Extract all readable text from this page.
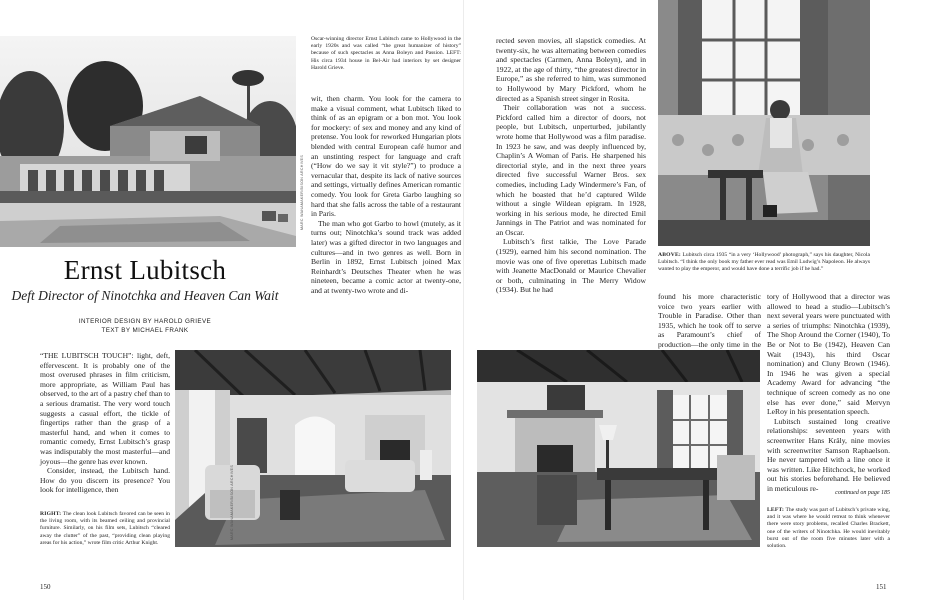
MARC WANAMAKER/BISON ARCHIVES
Oscar-winning director Ernst Lubitsch came to Hollywood in the early 1920s and was called “the great humanizer of history” because of such spectacles as Anna Boleyn and Passion. LEFT: His circa 1934 house in Bel-Air had interiors by set designer Harold Grieve.
Ernst Lubitsch
Deft Director of Ninotchka and Heaven Can Wait
INTERIOR DESIGN BY HAROLD GRIEVE
TEXT BY MICHAEL FRANK

wit, then charm. You look for the camera to make a visual comment, what Lubitsch liked to think of as an epigram or a bon mot. You look for mockery: of sex and money and any kind of pretense. You look for reworked Hungarian plots blended with central European café humor and an unstinting respect for language and craft (“How do we say it vit style?”) to produce a vernacular that, despite its lack of native sources and settings, virtually defines American romantic comedy. You look for Greta Garbo laughing so hard that she falls across the table of a restaurant in Paris.

The man who got Garbo to howl (mutely, as it turns out; Ninotchka’s sound track was added later) was a gifted director in two languages and cultures—and in two genres as well. Born in Berlin in 1892, Ernst Lubitsch joined Max Reinhardt’s Deutsches Theater when he was nineteen, became a comic actor at twenty-one, and at twenty-two wrote and di-

“THE LUBITSCH TOUCH”: light, deft, effervescent. It is probably one of the most overused phrases in film criticism, more appropriate, as William Paul has observed, to the art of a pastry chef than to a serious dramatist. The very word touch suggests a casual effort, the tickle of fingertips rather than the grasp of a masterful hand, and when it comes to romantic comedy, Ernst Lubitsch’s grasp was indisputably the most masterful—and joyous—the genre has ever known.

Consider, instead, the Lubitsch hand. How do you discern its presence? You look for intelligence, then

RIGHT: The clean look Lubitsch favored can be seen in the living room, with its beamed ceiling and provincial furniture. Similarly, on his film sets, Lubitsch “cleared away the clutter” of the past, “providing clean playing areas for his action,” wrote film critic Arthur Knight.
MARC WANAMAKER/BISON ARCHIVES

rected seven movies, all slapstick comedies. At twenty-six, he was alternating between comedies and spectacles (Carmen, Anna Boleyn), and in 1922, at the age of thirty, “the greatest director in Europe,” as she referred to him, was summoned to Hollywood by Mary Pickford, whom he directed as a Spanish street singer in Rosita.

Their collaboration was not a success. Pickford called him a director of doors, not people, but Lubitsch, unperturbed, jubilantly wrote home that Hollywood was a film paradise. In 1923 he saw, and was deeply influenced by, Chaplin’s A Woman of Paris. He sharpened his directorial style, and in the next three years directed five successful Warner Bros. sex comedies, including Lady Windermere’s Fan, of which he boasted that he’d captured Wilde without a single Wildean epigram. In 1928, working in his serious mode, he directed Emil Jannings in The Patriot and was nominated for an Oscar.

Lubitsch’s first talkie, The Love Parade (1929), earned him his second nomination. The movie was one of five operettas Lubitsch made with Jeanette MacDonald or Maurice Chevalier or both, culminating in The Merry Widow (1934). But he had

ABOVE: Lubitsch circa 1935 “in a very ‘Hollywood’ photograph,” says his daughter, Nicola Lubitsch. “I think the only book my father ever read was Emil Ludwig’s Napoleon. He always wanted to play the emperor, and would have done a terrific job if he had.”

found his more characteristic voice two years earlier with Trouble in Paradise. Other than 1935, which he took off to serve as Paramount’s chief of production—the only time in the

tory of Hollywood that a director was allowed to head a studio—Lubitsch’s next several years were punctuated with a series of triumphs: Ninotchka (1939), The Shop Around the Corner (1940), To Be or Not to Be (1942), Heaven Can Wait (1943), his third Oscar nomination) and Cluny Brown (1946). In 1946 he was given a special Academy Award for advancing “the technique of screen comedy as no one else has ever done,” said Mervyn LeRoy in his presentation speech.

Lubitsch sustained long creative relationships: seventeen years with screenwriter Hans Kräly, nine movies with screenwriter Samson Raphaelson. He never tampered with a line once it was written. Like Hitchcock, he worked out his stories beforehand. He believed in meticulous re-

continued on page 185
LEFT: The study was part of Lubitsch’s private wing, and it was where he would retreat to think whenever there were story problems, recalled Charles Brackett, one of the writers of Ninotchka. He would inevitably burst out of the room five minutes later with a solution.
150	151
